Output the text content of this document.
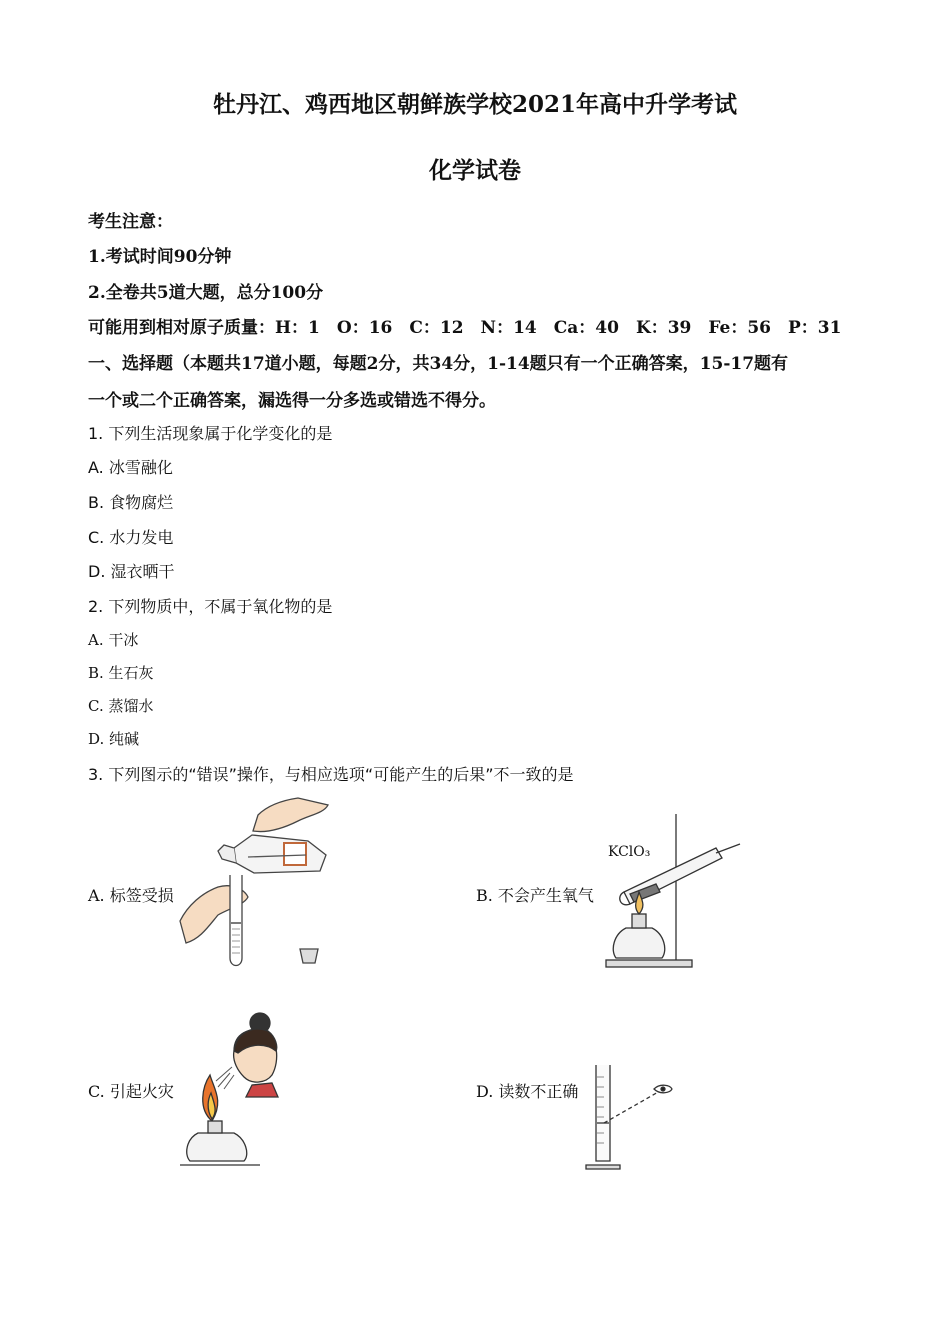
牡丹江、鸡西地区朝鲜族学校2021年高中升学考试
化学试卷
考生注意：
1.考试时间90分钟
2.全卷共5道大题，总分100分
可能用到相对原子质量：H：1　O：16　C：12　N：14　Ca：40　K：39　Fe：56　P：31
一、选择题（本题共17道小题，每题2分，共34分，1-14题只有一个正确答案，15-17题有
一个或二个正确答案，漏选得一分多选或错选不得分。
1. 下列生活现象属于化学变化的是
A. 冰雪融化
B. 食物腐烂
C. 水力发电
D. 湿衣晒干
2. 下列物质中，不属于氧化物的是
A. 干冰
B. 生石灰
C. 蒸馏水
D. 纯碱
3. 下列图示的“错误”操作，与相应选项“可能产生的后果”不一致的是
A. 标签受损	B. 不会产生氧气
C. 引起火灾	D. 读数不正确
KClO₃
